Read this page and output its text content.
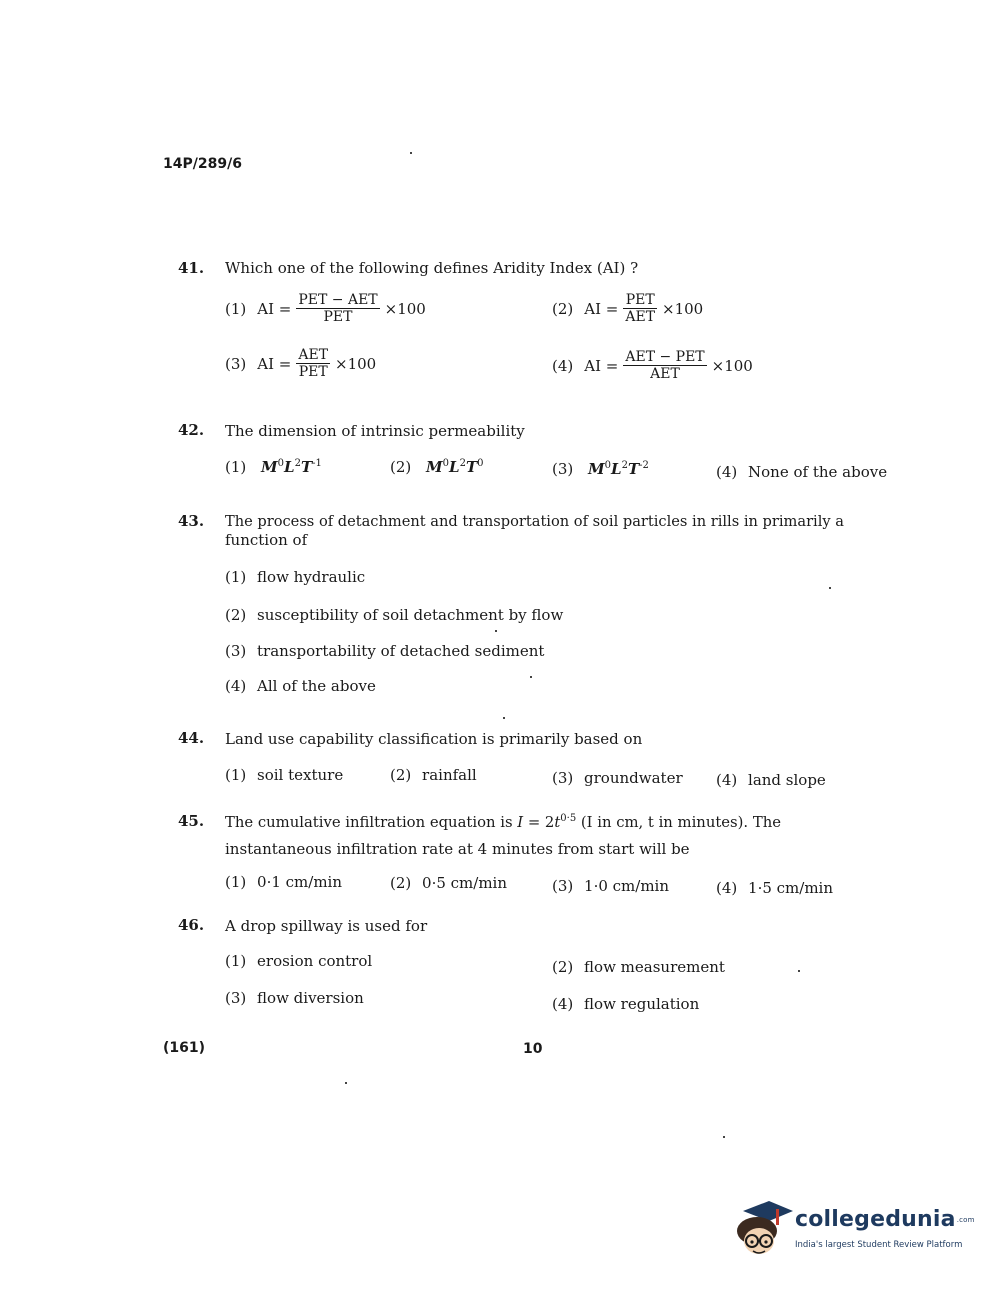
14P/289/6
41. Which one of the following defines Aridity Index (AI) ?
(1) AI = $\frac{\text{PET − AET}}{\text{PET}} \times 100$	(2) AI = $\frac{\text{PET}}{\text{AET}} \times 100$
(3) AI = $\frac{\text{AET}}{\text{PET}} \times 100$	(4) AI = $\frac{\text{AET − PET}}{\text{AET}} \times 100$
42. The dimension of intrinsic permeability
(1) $M^0L^2T^{-1}$	(2) $M^0L^2T^0$	(3) $M^0L^2T^{-2}$	(4) None of the above
43. The process of detachment and transportation of soil particles in rills in primarily a
function of
(1) flow hydraulic
(2) susceptibility of soil detachment by flow
(3) transportability of detached sediment
(4) All of the above
44. Land use capability classification is primarily based on
(1) soil texture	(2) rainfall	(3) groundwater (4) land slope
45. The cumulative infiltration equation is $I = 2t^{0\cdot 5}$ (I in cm, t in minutes). The
instantaneous infiltration rate at 4 minutes from start will be
(1) 0·1 cm/min	(2) 0·5 cm/min	(3) 1·0 cm/min	(4) 1·5 cm/min
46. A drop spillway is used for
(1) erosion control	(2) flow measurement
(3) flow diversion	(4) flow regulation
(161)	10
collegedunia.com
India's largest Student Review Platform
